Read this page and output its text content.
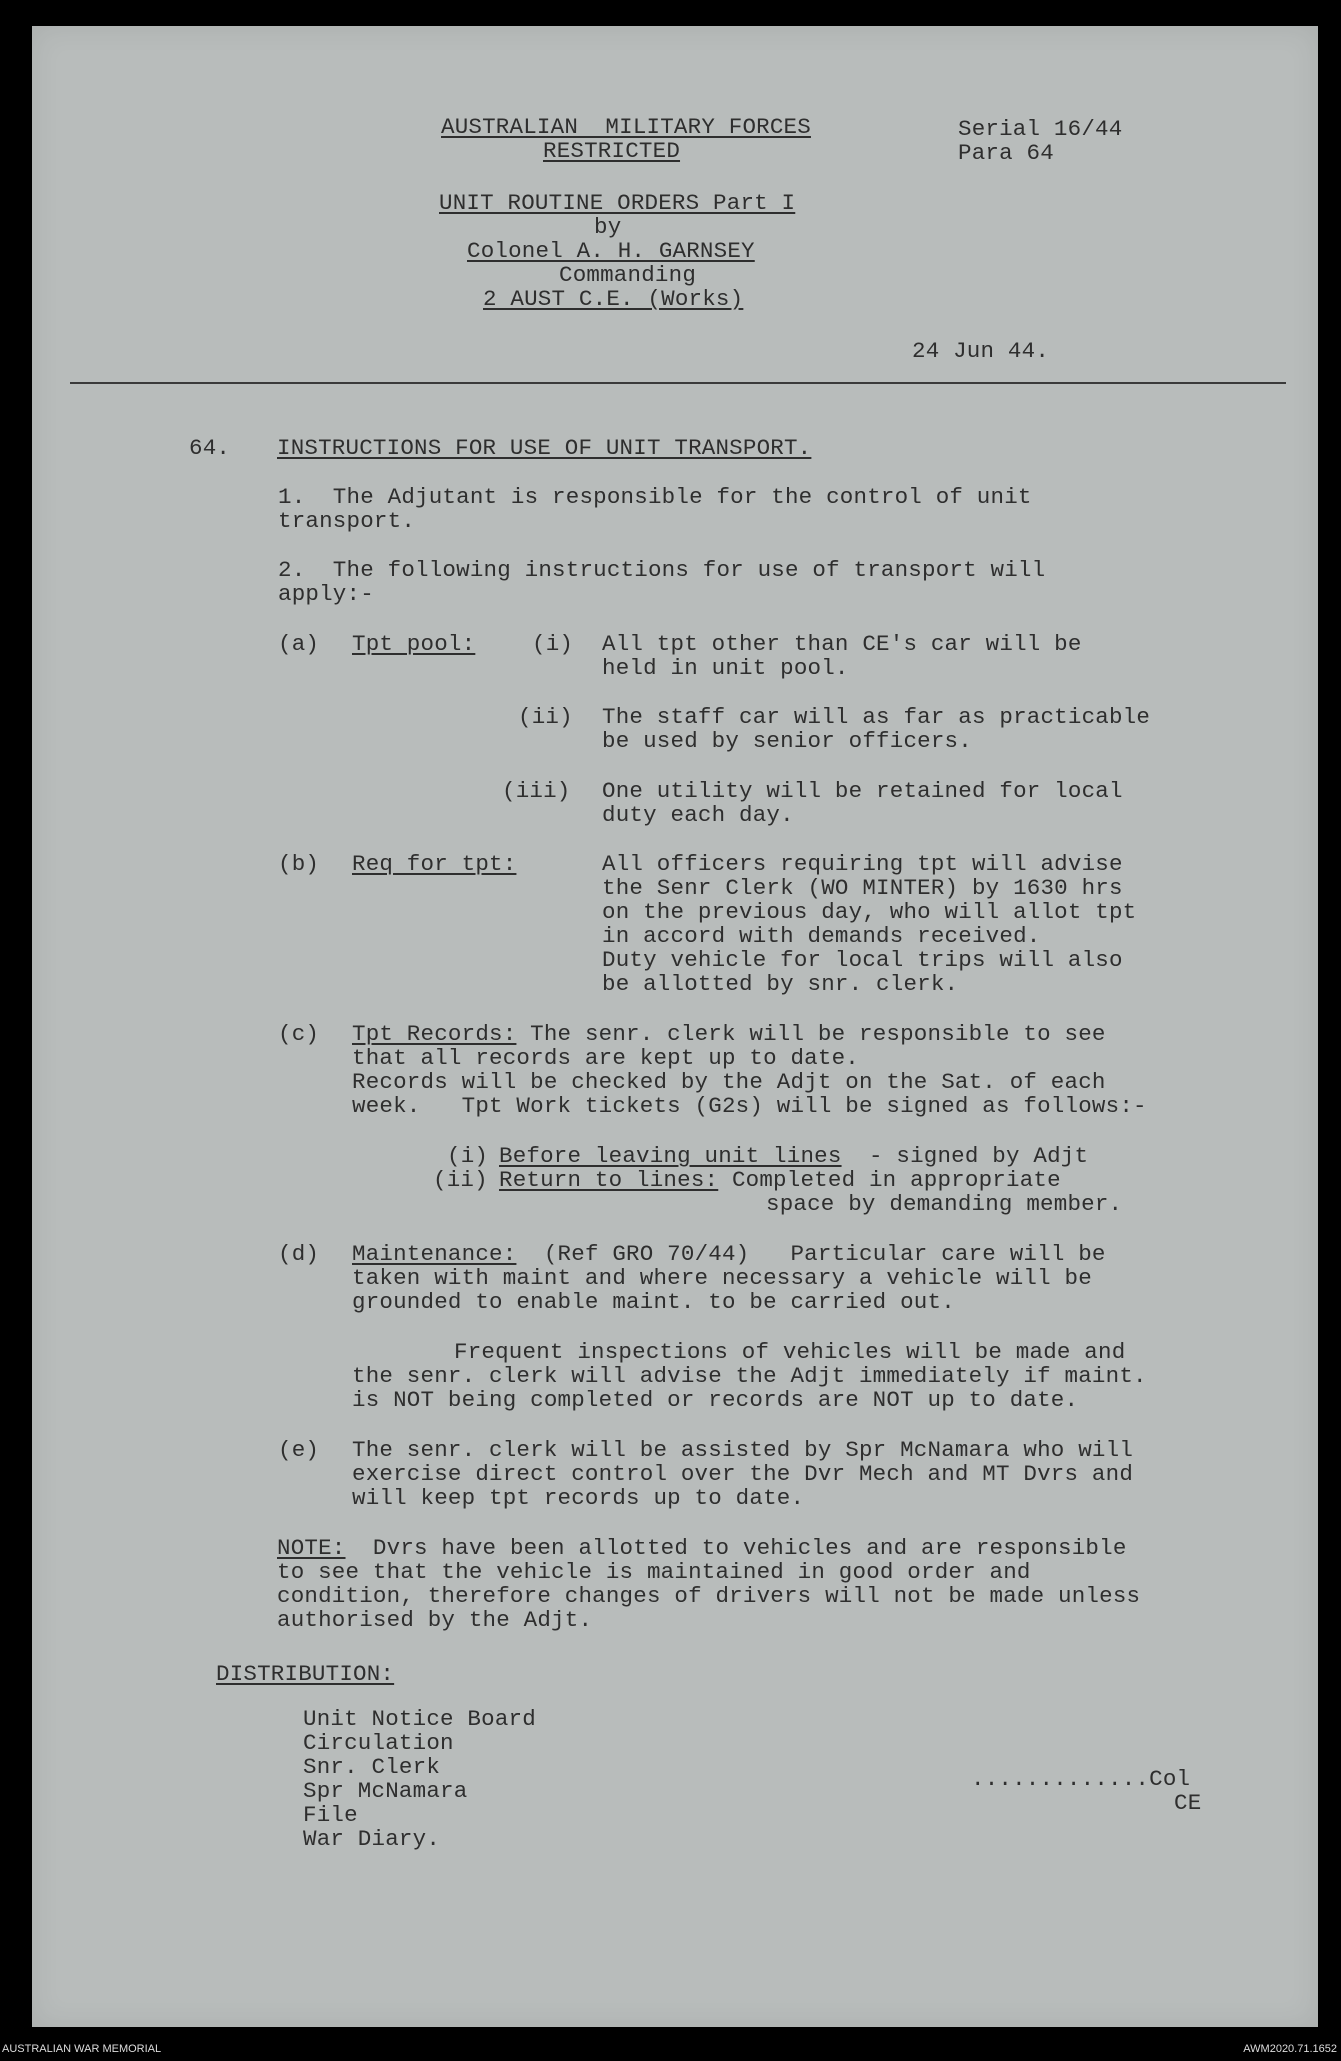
AUSTRALIAN  MILITARY FORCES
RESTRICTED
Serial 16/44
Para 64
UNIT ROUTINE ORDERS Part I
by
Colonel A. H. GARNSEY
Commanding
2 AUST C.E. (Works)
24 Jun 44.
64. INSTRUCTIONS FOR USE OF UNIT TRANSPORT.
1.  The Adjutant is responsible for the control of unit
transport.
2.  The following instructions for use of transport will
apply:-
(a) Tpt pool:	(i) All tpt other than CE's car will be
held in unit pool.
(ii) The staff car will as far as practicable
be used by senior officers.
(iii) One utility will be retained for local
duty each day.
(b) Req for tpt:	All officers requiring tpt will advise
the Senr Clerk (WO MINTER) by 1630 hrs
on the previous day, who will allot tpt
in accord with demands received.
Duty vehicle for local trips will also
be allotted by snr. clerk.
(c) Tpt Records: The senr. clerk will be responsible to see
that all records are kept up to date.
Records will be checked by the Adjt on the Sat. of each
week.   Tpt Work tickets (G2s) will be signed as follows:-
(i) Before leaving unit lines  - signed by Adjt
(ii) Return to lines: Completed in appropriate
space by demanding member.
(d) Maintenance:  (Ref GRO 70/44)   Particular care will be
taken with maint and where necessary a vehicle will be
grounded to enable maint. to be carried out.
Frequent inspections of vehicles will be made and
the senr. clerk will advise the Adjt immediately if maint.
is NOT being completed or records are NOT up to date.
(e) The senr. clerk will be assisted by Spr McNamara who will
exercise direct control over the Dvr Mech and MT Dvrs and
will keep tpt records up to date.
NOTE:  Dvrs have been allotted to vehicles and are responsible
to see that the vehicle is maintained in good order and
condition, therefore changes of drivers will not be made unless
authorised by the Adjt.
DISTRIBUTION:
Unit Notice Board
Circulation
Snr. Clerk
Spr McNamara
File
War Diary.
.............Col
CE
AUSTRALIAN WAR MEMORIAL	AWM2020.71.1652
